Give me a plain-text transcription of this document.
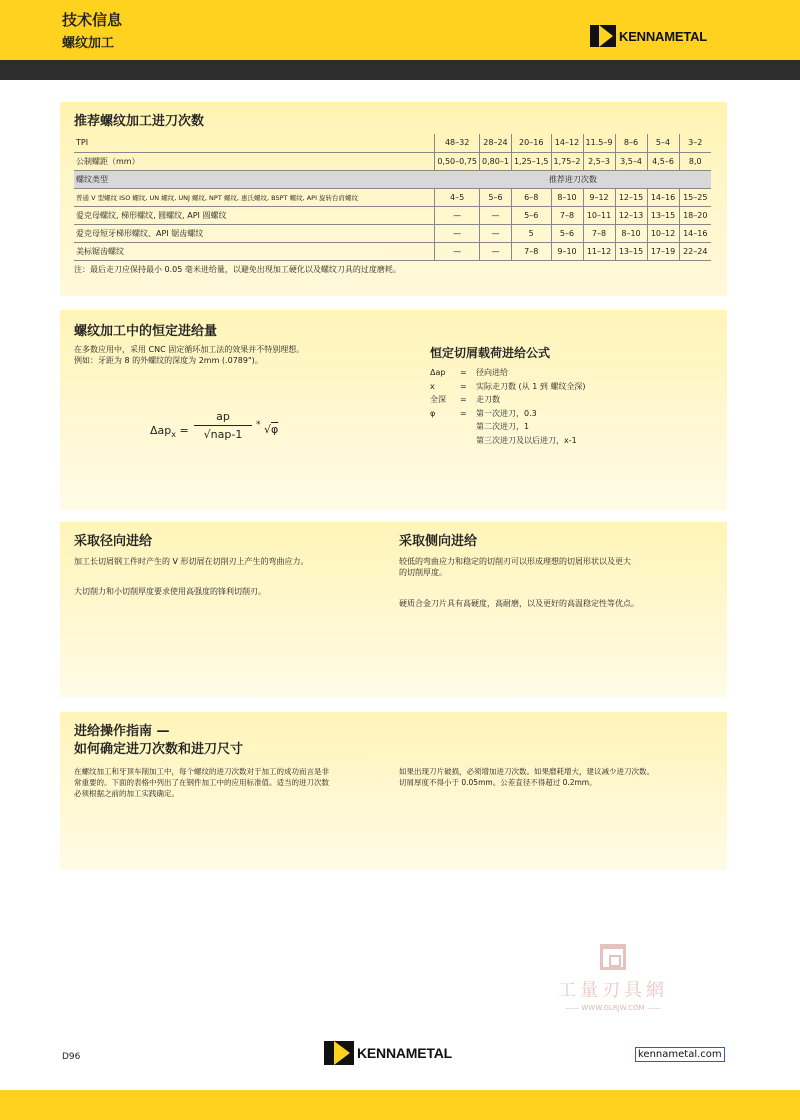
技术信息
螺纹加工	KENNAMETAL
推荐螺纹加工进刀次数
TPI	48–32	28–24	20–16	14–12	11.5–9	8–6	5–4	3–2
公制螺距（mm）	0,50–0,75	0,80–1	1,25–1,5	1,75–2	2,5–3	3,5–4	4,5–6	8,0
螺纹类型	推荐进刀次数							
普通 V 型螺纹 ISO 螺纹, UN 螺纹, UNJ 螺纹, NPT 螺纹, 惠氏螺纹, BSPT 螺纹, API 旋转台肩螺纹	4–5	5–6	6–8	8–10	9–12	12–15	14–16	15–25
爱克母螺纹, 梯形螺纹, 圆螺纹, API 圆螺纹	—	—	5–6	7–8	10–11	12–13	13–15	18–20
爱克母短牙梯形螺纹、API 锯齿螺纹	—	—	5	5–6	7–8	8–10	10–12	14–16
美标锯齿螺纹	—	—	7–8	9–10	11–12	13–15	17–19	22–24
注：最后走刀应保持最小 0.05 毫米进给量，以避免出现加工硬化以及螺纹刀具的过度磨耗。
螺纹加工中的恒定进给量
在多数应用中，采用 CNC 固定循环加工法的效果并不特别理想。
例如：牙距为 8 的外螺纹的深度为 2mm (.0789")。
Δap$_x$ =
ap
√nap-1
* √φ
恒定切屑载荷进给公式
Δap	=	径向进给
x	=	实际走刀数 (从 1 到 螺纹全深)
全深	=	走刀数
φ	=	第一次进刀，0.3
第二次进刀，1
第三次进刀及以后进刀，x-1
采取径向进给
加工长切屑钢工件时产生的 V 形切屑在切削刃上产生的弯曲应力。
大切削力和小切削厚度要求使用高强度的锋利切削刃。
采取侧向进给
较低的弯曲应力和稳定的切削刃可以形成理想的切屑形状以及更大
的切削厚度。
硬质合金刀片具有高硬度，高耐磨，以及更好的高温稳定性等优点。
进给操作指南 —
如何确定进刀次数和进刀尺寸
在螺纹加工和牙顶车削加工中，每个螺纹的进刀次数对于加工的成功而言是非
常重要的。下面的表格中列出了在钢件加工中的应用标准值。适当的进刀次数
必须根据之前的加工实践确定。
如果出现刀片破损，必须增加进刀次数。如果磨耗增大，建议减少进刀次数。
切屑厚度不得小于 0.05mm。公差直径不得超过 0.2mm。
工量刃具網
—— WWW.GLRJW.COM ——
D96	KENNAMETAL	kennametal.com
